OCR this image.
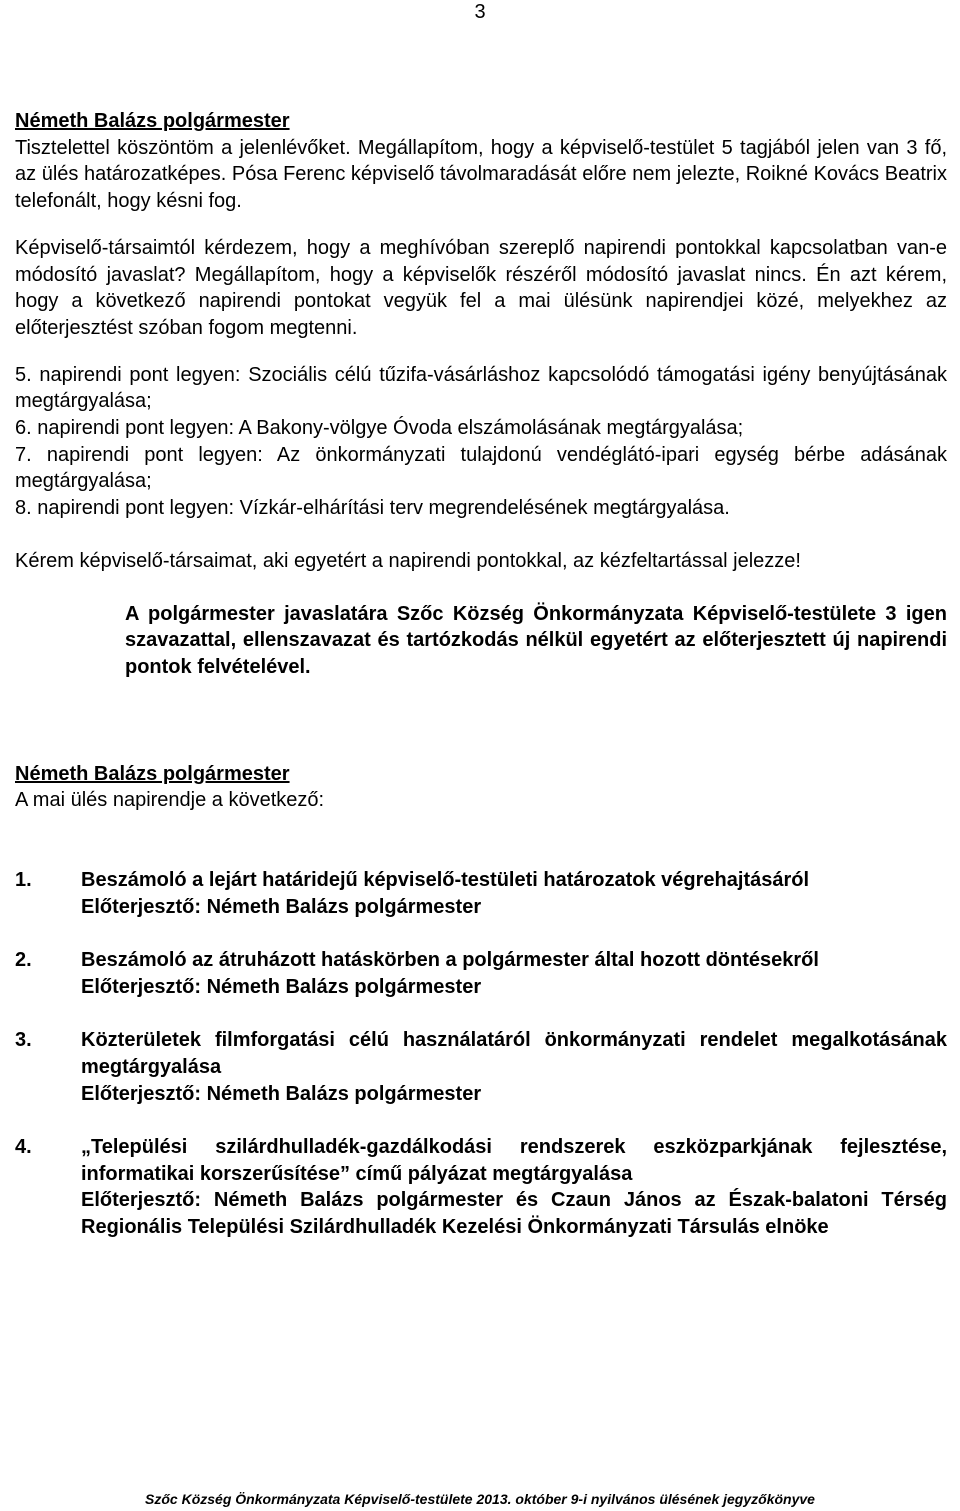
3
Németh Balázs polgármester

Tisztelettel köszöntöm a jelenlévőket. Megállapítom, hogy a képviselő-testület 5 tagjából jelen van 3 fő, az ülés határozatképes. Pósa Ferenc képviselő távolmaradását előre nem jelezte, Roikné Kovács Beatrix telefonált, hogy késni fog.

Képviselő-társaimtól kérdezem, hogy a meghívóban szereplő napirendi pontokkal kapcsolatban van-e módosító javaslat? Megállapítom, hogy a képviselők részéről módosító javaslat nincs. Én azt kérem, hogy a következő napirendi pontokat vegyük fel a mai ülésünk napirendjei közé, melyekhez az előterjesztést szóban fogom megtenni.

5. napirendi pont legyen: Szociális célú tűzifa-vásárláshoz kapcsolódó támogatási igény benyújtásának megtárgyalása;

6. napirendi pont legyen: A Bakony-völgye Óvoda elszámolásának megtárgyalása;

7. napirendi pont legyen: Az önkormányzati tulajdonú vendéglátó-ipari egység bérbe adásának megtárgyalása;

8. napirendi pont legyen: Vízkár-elhárítási terv megrendelésének megtárgyalása.

Kérem képviselő-társaimat, aki egyetért a napirendi pontokkal, az kézfeltartással jelezze!

A polgármester javaslatára Szőc Község Önkormányzata Képviselő-testülete 3 igen szavazattal, ellenszavazat és tartózkodás nélkül egyetért az előterjesztett új napirendi pontok felvételével.

Németh Balázs polgármester

A mai ülés napirendje a következő:

1.	Beszámoló a lejárt határidejű képviselő-testületi határozatok végrehajtásáról

Előterjesztő: Németh Balázs polgármester

2.	Beszámoló az átruházott hatáskörben a polgármester által hozott döntésekről

Előterjesztő: Németh Balázs polgármester

3.	Közterületek filmforgatási célú használatáról önkormányzati rendelet megalkotásának megtárgyalása

Előterjesztő: Németh Balázs polgármester

4.	„Települési szilárdhulladék-gazdálkodási rendszerek eszközparkjának fejlesztése, informatikai korszerűsítése” című pályázat megtárgyalása

Előterjesztő: Németh Balázs polgármester és Czaun János az Észak-balatoni Térség Regionális Települési Szilárdhulladék Kezelési Önkormányzati Társulás elnöke

Szőc Község Önkormányzata Képviselő-testülete 2013. október 9-i nyilvános ülésének jegyzőkönyve
